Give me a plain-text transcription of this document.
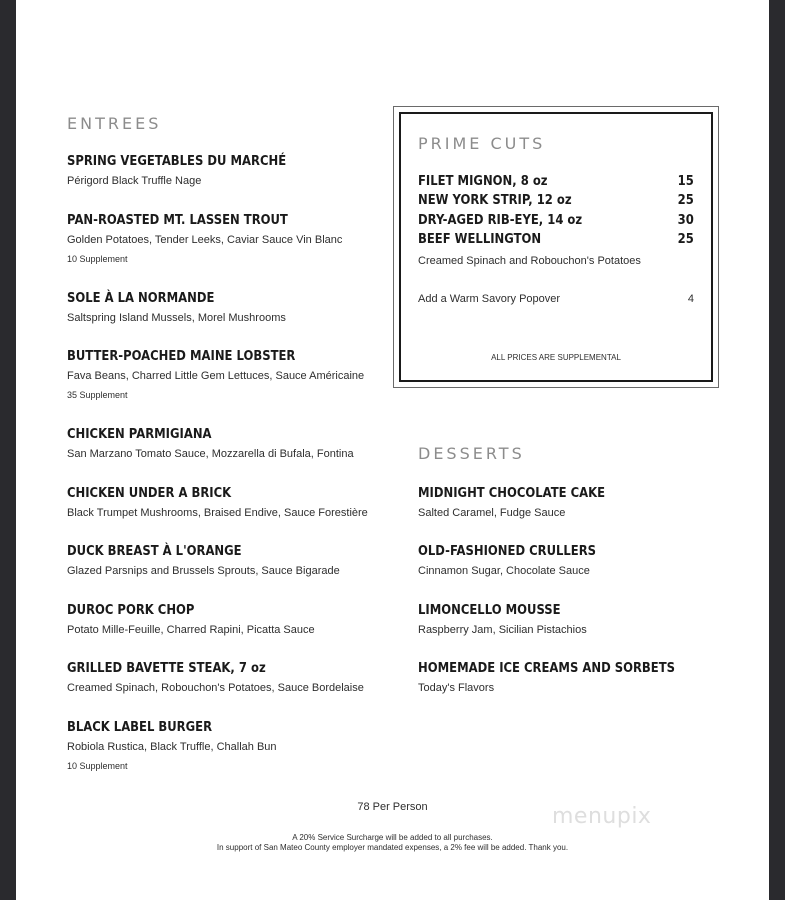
ENTREES
SPRING VEGETABLES DU MARCHÉ
Périgord Black Truffle Nage
PAN-ROASTED MT. LASSEN TROUT
Golden Potatoes, Tender Leeks, Caviar Sauce Vin Blanc
10 Supplement
SOLE À LA NORMANDE
Saltspring Island Mussels, Morel Mushrooms
BUTTER-POACHED MAINE LOBSTER
Fava Beans, Charred Little Gem Lettuces, Sauce Américaine
35 Supplement
CHICKEN PARMIGIANA
San Marzano Tomato Sauce, Mozzarella di Bufala, Fontina
CHICKEN UNDER A BRICK
Black Trumpet Mushrooms, Braised Endive, Sauce Forestière
DUCK BREAST À L'ORANGE
Glazed Parsnips and Brussels Sprouts, Sauce Bigarade
DUROC PORK CHOP
Potato Mille-Feuille, Charred Rapini, Picatta Sauce
GRILLED BAVETTE STEAK, 7 oz
Creamed Spinach, Robouchon's Potatoes, Sauce Bordelaise
BLACK LABEL BURGER
Robiola Rustica, Black Truffle, Challah Bun
10 Supplement
PRIME CUTS
FILET MIGNON, 8 oz	15
NEW YORK STRIP, 12 oz	25
DRY-AGED RIB-EYE, 14 oz	30
BEEF WELLINGTON	25
Creamed Spinach and Robouchon's Potatoes
Add a Warm Savory Popover	4
ALL PRICES ARE SUPPLEMENTAL
DESSERTS
MIDNIGHT CHOCOLATE CAKE
Salted Caramel, Fudge Sauce
OLD-FASHIONED CRULLERS
Cinnamon Sugar, Chocolate Sauce
LIMONCELLO MOUSSE
Raspberry Jam, Sicilian Pistachios
HOMEMADE ICE CREAMS AND SORBETS
Today's Flavors
78 Per Person	menupix
A 20% Service Surcharge will be added to all purchases.
In support of San Mateo County employer mandated expenses, a 2% fee will be added. Thank you.
